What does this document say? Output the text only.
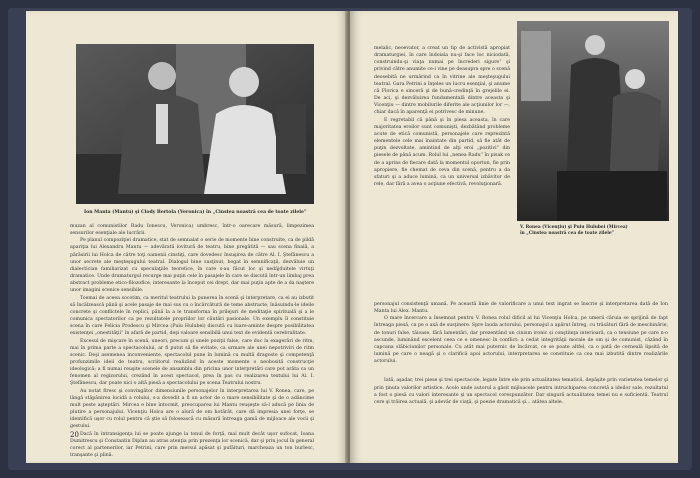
Ion Manta (Mantu) şi Clody Bertola (Veronica) în „Cinstea noastră cea de toate zilele”

muzan al comunistilor Radu Ionescu, Veronica) umbresc, într-o oarecare măsură, limpezimea sensurilor esenţiale ale lucrării.

Pe planul compoziţiei dramatice, stat de semnalat o serie de momente bine construite, ca de pildă apariţia lui Alexandru Mantu — adevărată lovitură de teatru, bine pregătită — sau scena finală, a părăsirii lui Holca de către toţi oamenii cinstiţi, care dovedesc însuşirea de către Al. I. Ştefănescu a unor secrete ale meşteşugului teatral. Dialogul bine susţinut, bogat în semnificaţii, dezvăluie un dialectician familiarizat cu speculaţiile teoretice, în care s-au făcut loc şi nedăjduitele virtuţi dramatice. Unde dramaturgul recurge mai puţin cele în pasajele în care se discută într-un limbaj prea abstract probleme etico-filozofice, interesante la început cei drept, dar mai puţin apte de a da naştere unor imagini scenice sensibile.

Toemai de aceea socotim, ca meritul teatrului la punerea în scenă şi interpretare, ca ei au izbutit să încălzească până şi acele pasaje de mai sus cu o încărcătură de teme abstracte, înăsuindu-le ideile concrete şi conflictele în replici, până la a le transforma în prilejuri de meditaţie spirituală şi a le comunica spectatorilor ca pe rezultatele propriilor lor căutări pasionale. Un exemplu îl constituie scena în care Felicia Prodescu şi Mircea (Puiu Hulubei) discută cu luare-aminte despre posibilitatea existenţei „onestităţii” în afară de partid, deşi valoare sensibilă unui text de evidentă cerebralitate.

Excesul de mişcare în scenă, uneori, precum şi unele poziţii false, care duc la exagerări de ritm, mai în prima parte a spectacolului, ar fi putut să fie evitate, ca urmare ale unei nepotriviri de ritm scenic. Deşi asemenea inconveniente, spectacolul pune în lumină cu multă dragoste şi competenţă profunzimile ideii de teatru, scriitorul realizând în aceste momente o neobosită construcţie ideologică; a fi numai reuşite scenele de ansamblu din pricina unor interpretări care pot arăta ca un fenomen al regizorului, crezând în acest spectacol, prea în pas cu realizarea textului lui Al. I. Ştefănescu, dar poate nici o altă piesă a spectacolului pe scena Teatrului nostru.

Au notat firesc şi convingător dimensiunile personajelor în interpretarea lui V. Ronea, care, pe lângă stăpânirea lucidă a rolului, s-a dovedit a fi un actor de o mare sensibilitate şi de o adâncime mult peste aşteptări. Mircea e bine întocmit, preocuparea lui Mantu reuşeşte să-l aducă pe linia de plutire a personajului. Vicenţiu Holca are o alură de om hotărât, care dă impresia unei forţe, se identifică uşor cu rolul pentru că ştie să folosească cu măsură întreaga gamă de mijloace ale vocii şi gestului.

Dacă în intransigenţa lui se poate ajunge la tonul de forţă, mai mult decât uşor sufocat, Ioana Dumitrescu şi Constantin Diplan au atras atenţia prin prezenţa lor scenică, dar şi prin jocul în general corect al partenerilor, iar Petrini, care prin mersul apăsat şi pufăituri, marcheaza un ton burlesc, tranşante şi plină.

20

melalic, neoevator, a creat un tip de activistă apropiat dramaturgiei, în care îndoiala nu-şi face loc niciodată, construindu-şi viaţa numai pe încrederi sigure” şi privind către anumite ce-i vine pe deasupra spre o scenă deosebită ne urmărind ca în vitrine ale meşteşugului teatral. Gara Petrini a înţeles un lucru esenţial, şi anume că Florica e sinceră şi de bună-credinţă în grejelile ei. De aci, şi dezvăluirea fundamentală dintre aceasta şi Vicenţiu — dintre mobilurile diferite ale acţiunilor lor —, chiar dacă în aparenţă ei potrivesc de minune.

E regretabil că până şi în piesa aceasta, în care majoritatea eroilor sunt comunişti, dezbătând probleme acute de etică comunistă, personajele care reprezintă elementele cele mai înaintate din partid, să fie atât de puţin dezvoltate, amintind de alţi eroi „pozitivi” din piesele de până acum. Rolul lui „nenea Radu” în pisak ce de a aprins de fiecare dată la momentul oportun, fie prin apropiere, fie chemat de ceva din scenă, pentru a da sfaturi şi a aduce lumină, ca un universal izbăvitor de rele, dar fără a avea o acţiune efectivă, revoluţionară.

V. Ronea (Vicenţiu) şi Puiu Hulubei (Mircea)
în „Cinstea noastră cea de toate zilele”

personajul consistenţă umană. Pe această linie de valorificare a unui text ingrat se înscrie şi interpretarea dată de Ion Manta lui Alex. Mantu.

O mare încercare a însemnat pentru V. Ronea rolul dificil al lui Vicenţiu Holca, pe umerii căruia se sprijină de fapt întreaga piesă, ca pe o axă de susţinere. Spre lauda actorului, personajul a apărut întreg, cu trăsături fără de meschinărie, de tonuri false, tăioase, fără lamentări, dar prezentând un cinism ironic și conştiinţa interioară, ca o tensiune pe care n-o ascunde, luminând excelent ceea ce e omenesc în conflict: a cedat integrităţii morale de om şi de comunist, căzând în capcana slăbiciunilor personale. Cu atât mai puternic de încărcat, ce se poate altfel, ca o pată de cerneală lipsită de lumină pe care o neagă şi o clarifică apoi actorului, interpretarea se constituie ca cea mai izbutită dintre realizările actorului.

Iată, aşadar, trei piese şi trei spectacole, legate între ele prin actualitatea tematicii, depăşite prin varietatea temelor şi prin ţinuta valorilor artistice. Acolo unde autorul a găsit mijloacele pentru intruchiparea concretă a ideilor sale, rezultatul a fost o piesă cu valori interesante şi un spectacol corespunzător. Dar singură actualitatea temei nu e suficientă. Teatrul cere şi trăirea actuală, şi adevăr de viaţă, şi poezie dramatică şi... atâtea altele.
